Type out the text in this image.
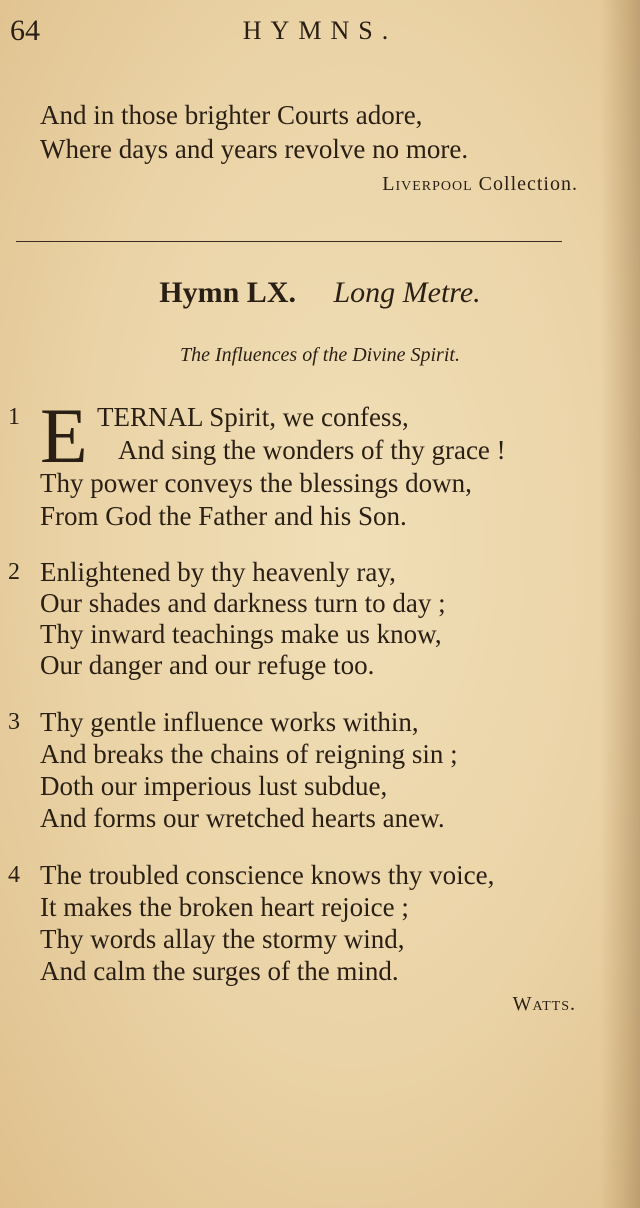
64	HYMNS.
And in those brighter Courts adore,
Where days and years revolve no more.
Liverpool Collection.
Hymn LX. Long Metre.
The Influences of the Divine Spirit.
E
1	TERNAL Spirit, we confess,
And sing the wonders of thy grace !
Thy power conveys the blessings down,
From God the Father and his Son.
2 Enlightened by thy heavenly ray,
Our shades and darkness turn to day ;
Thy inward teachings make us know,
Our danger and our refuge too.
3 Thy gentle influence works within,
And breaks the chains of reigning sin ;
Doth our imperious lust subdue,
And forms our wretched hearts anew.
4 The troubled conscience knows thy voice,
It makes the broken heart rejoice ;
Thy words allay the stormy wind,
And calm the surges of the mind.
Watts.
